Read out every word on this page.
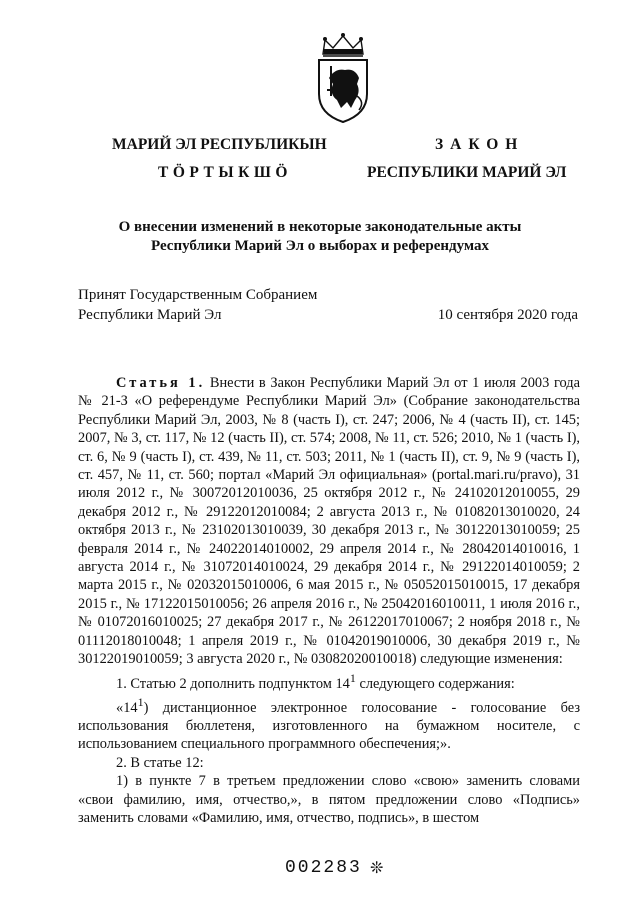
МАРИЙ ЭЛ РЕСПУБЛИКЫН
ТӦРТЫКШӦ
ЗАКОН
РЕСПУБЛИКИ МАРИЙ ЭЛ
О внесении изменений в некоторые законодательные акты
Республики Марий Эл о выборах и референдумах
Принят Государственным Собранием
Республики Марий Эл	10 сентября 2020 года

Статья 1. Внести в Закон Республики Марий Эл от 1 июля 2003 года № 21-З «О референдуме Республики Марий Эл» (Собрание законодательства Республики Марий Эл, 2003, № 8 (часть I), ст. 247; 2006, № 4 (часть II), ст. 145; 2007, № 3, ст. 117, № 12 (часть II), ст. 574; 2008, № 11, ст. 526; 2010, № 1 (часть I), ст. 6, № 9 (часть I), ст. 439, № 11, ст. 503; 2011, № 1 (часть II), ст. 9, № 9 (часть I), ст. 457, № 11, ст. 560; портал «Марий Эл официальная» (portal.mari.ru/pravo), 31 июля 2012 г., № 30072012010036, 25 октября 2012 г., № 24102012010055, 29 декабря 2012 г., № 29122012010084; 2 августа 2013 г., № 01082013010020, 24 октября 2013 г., № 23102013010039, 30 декабря 2013 г., № 30122013010059; 25 февраля 2014 г., № 24022014010002, 29 апреля 2014 г., № 28042014010016, 1 августа 2014 г., № 31072014010024, 29 декабря 2014 г., № 29122014010059; 2 марта 2015 г., № 02032015010006, 6 мая 2015 г., № 05052015010015, 17 декабря 2015 г., № 17122015010056; 26 апреля 2016 г., № 25042016010011, 1 июля 2016 г., № 01072016010025; 27 декабря 2017 г., № 26122017010067; 2 ноября 2018 г., № 01112018010048; 1 апреля 2019 г., № 01042019010006, 30 декабря 2019 г., № 30122019010059; 3 августа 2020 г., № 03082020010018) следующие изменения:

1. Статью 2 дополнить подпунктом $14^1$ следующего содержания:

«$14^1$) дистанционное электронное голосование - голосование без использования бюллетеня, изготовленного на бумажном носителе, с использованием специального программного обеспечения;».

2. В статье 12:

1) в пункте 7 в третьем предложении слово «свою» заменить словами «свои фамилию, имя, отчество,», в пятом предложении слово «Подпись» заменить словами «Фамилию, имя, отчество, подпись», в шестом

002283 ❊
